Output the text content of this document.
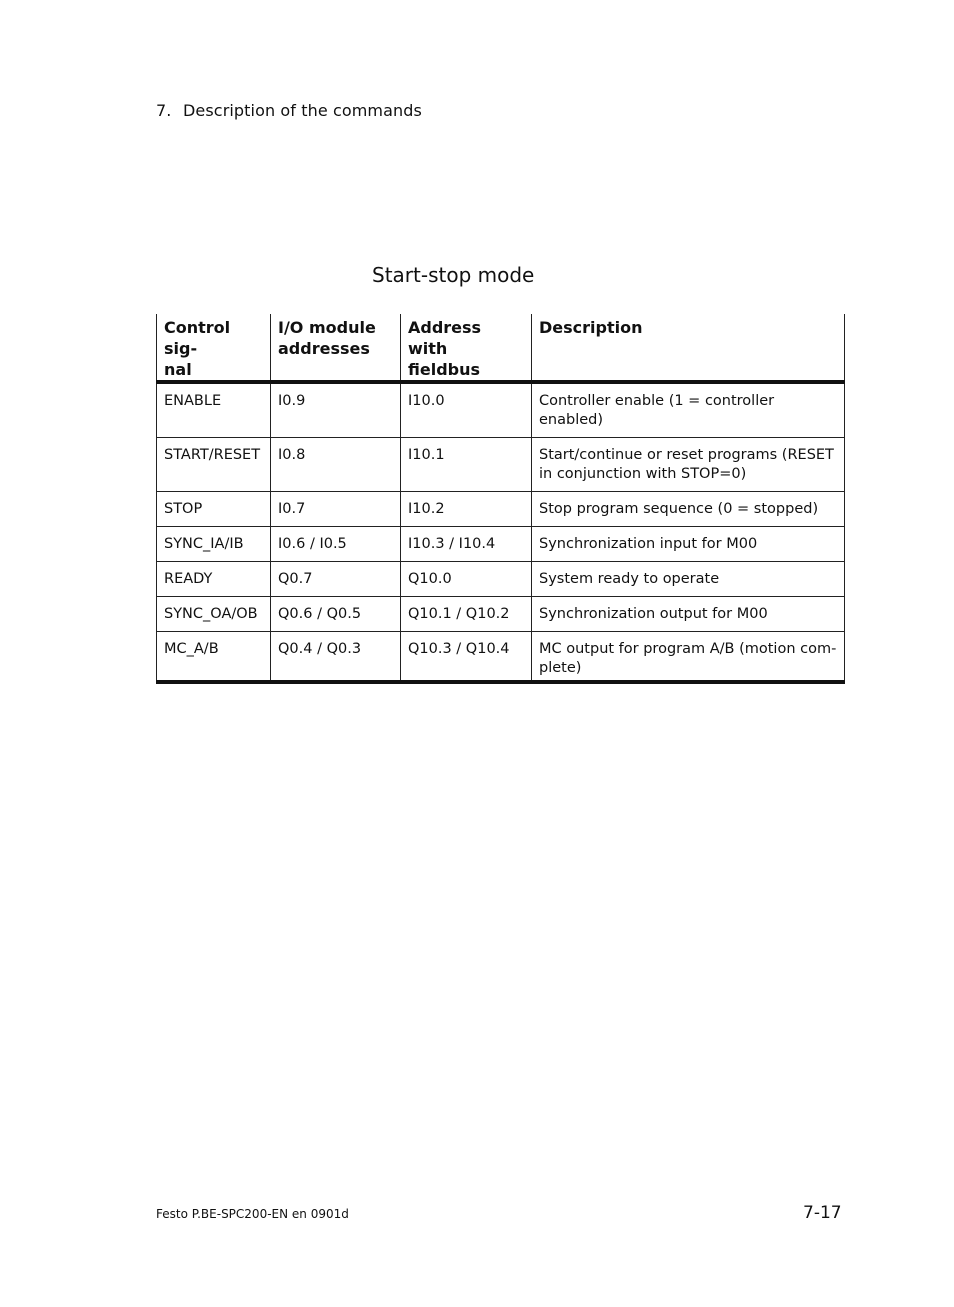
7. Description of the commands
Start-stop mode
Control sig-
nal	I/O module addresses	Address with fieldbus	Description
ENABLE	I0.9	I10.0	Controller enable (1 = controller enabled)
START/RESET	I0.8	I10.1	Start/continue or reset programs (RESET in conjunction with STOP=0)
STOP	I0.7	I10.2	Stop program sequence (0 = stopped)
SYNC_IA/IB	I0.6 / I0.5	I10.3 / I10.4	Synchronization input for M00
READY	Q0.7	Q10.0	System ready to operate
SYNC_OA/OB	Q0.6 / Q0.5	Q10.1 / Q10.2	Synchronization output for M00
MC_A/B	Q0.4 / Q0.3	Q10.3 / Q10.4	MC output for program A/B (motion com-
plete)
Festo P.BE-SPC200-EN en 0901d	7-17
